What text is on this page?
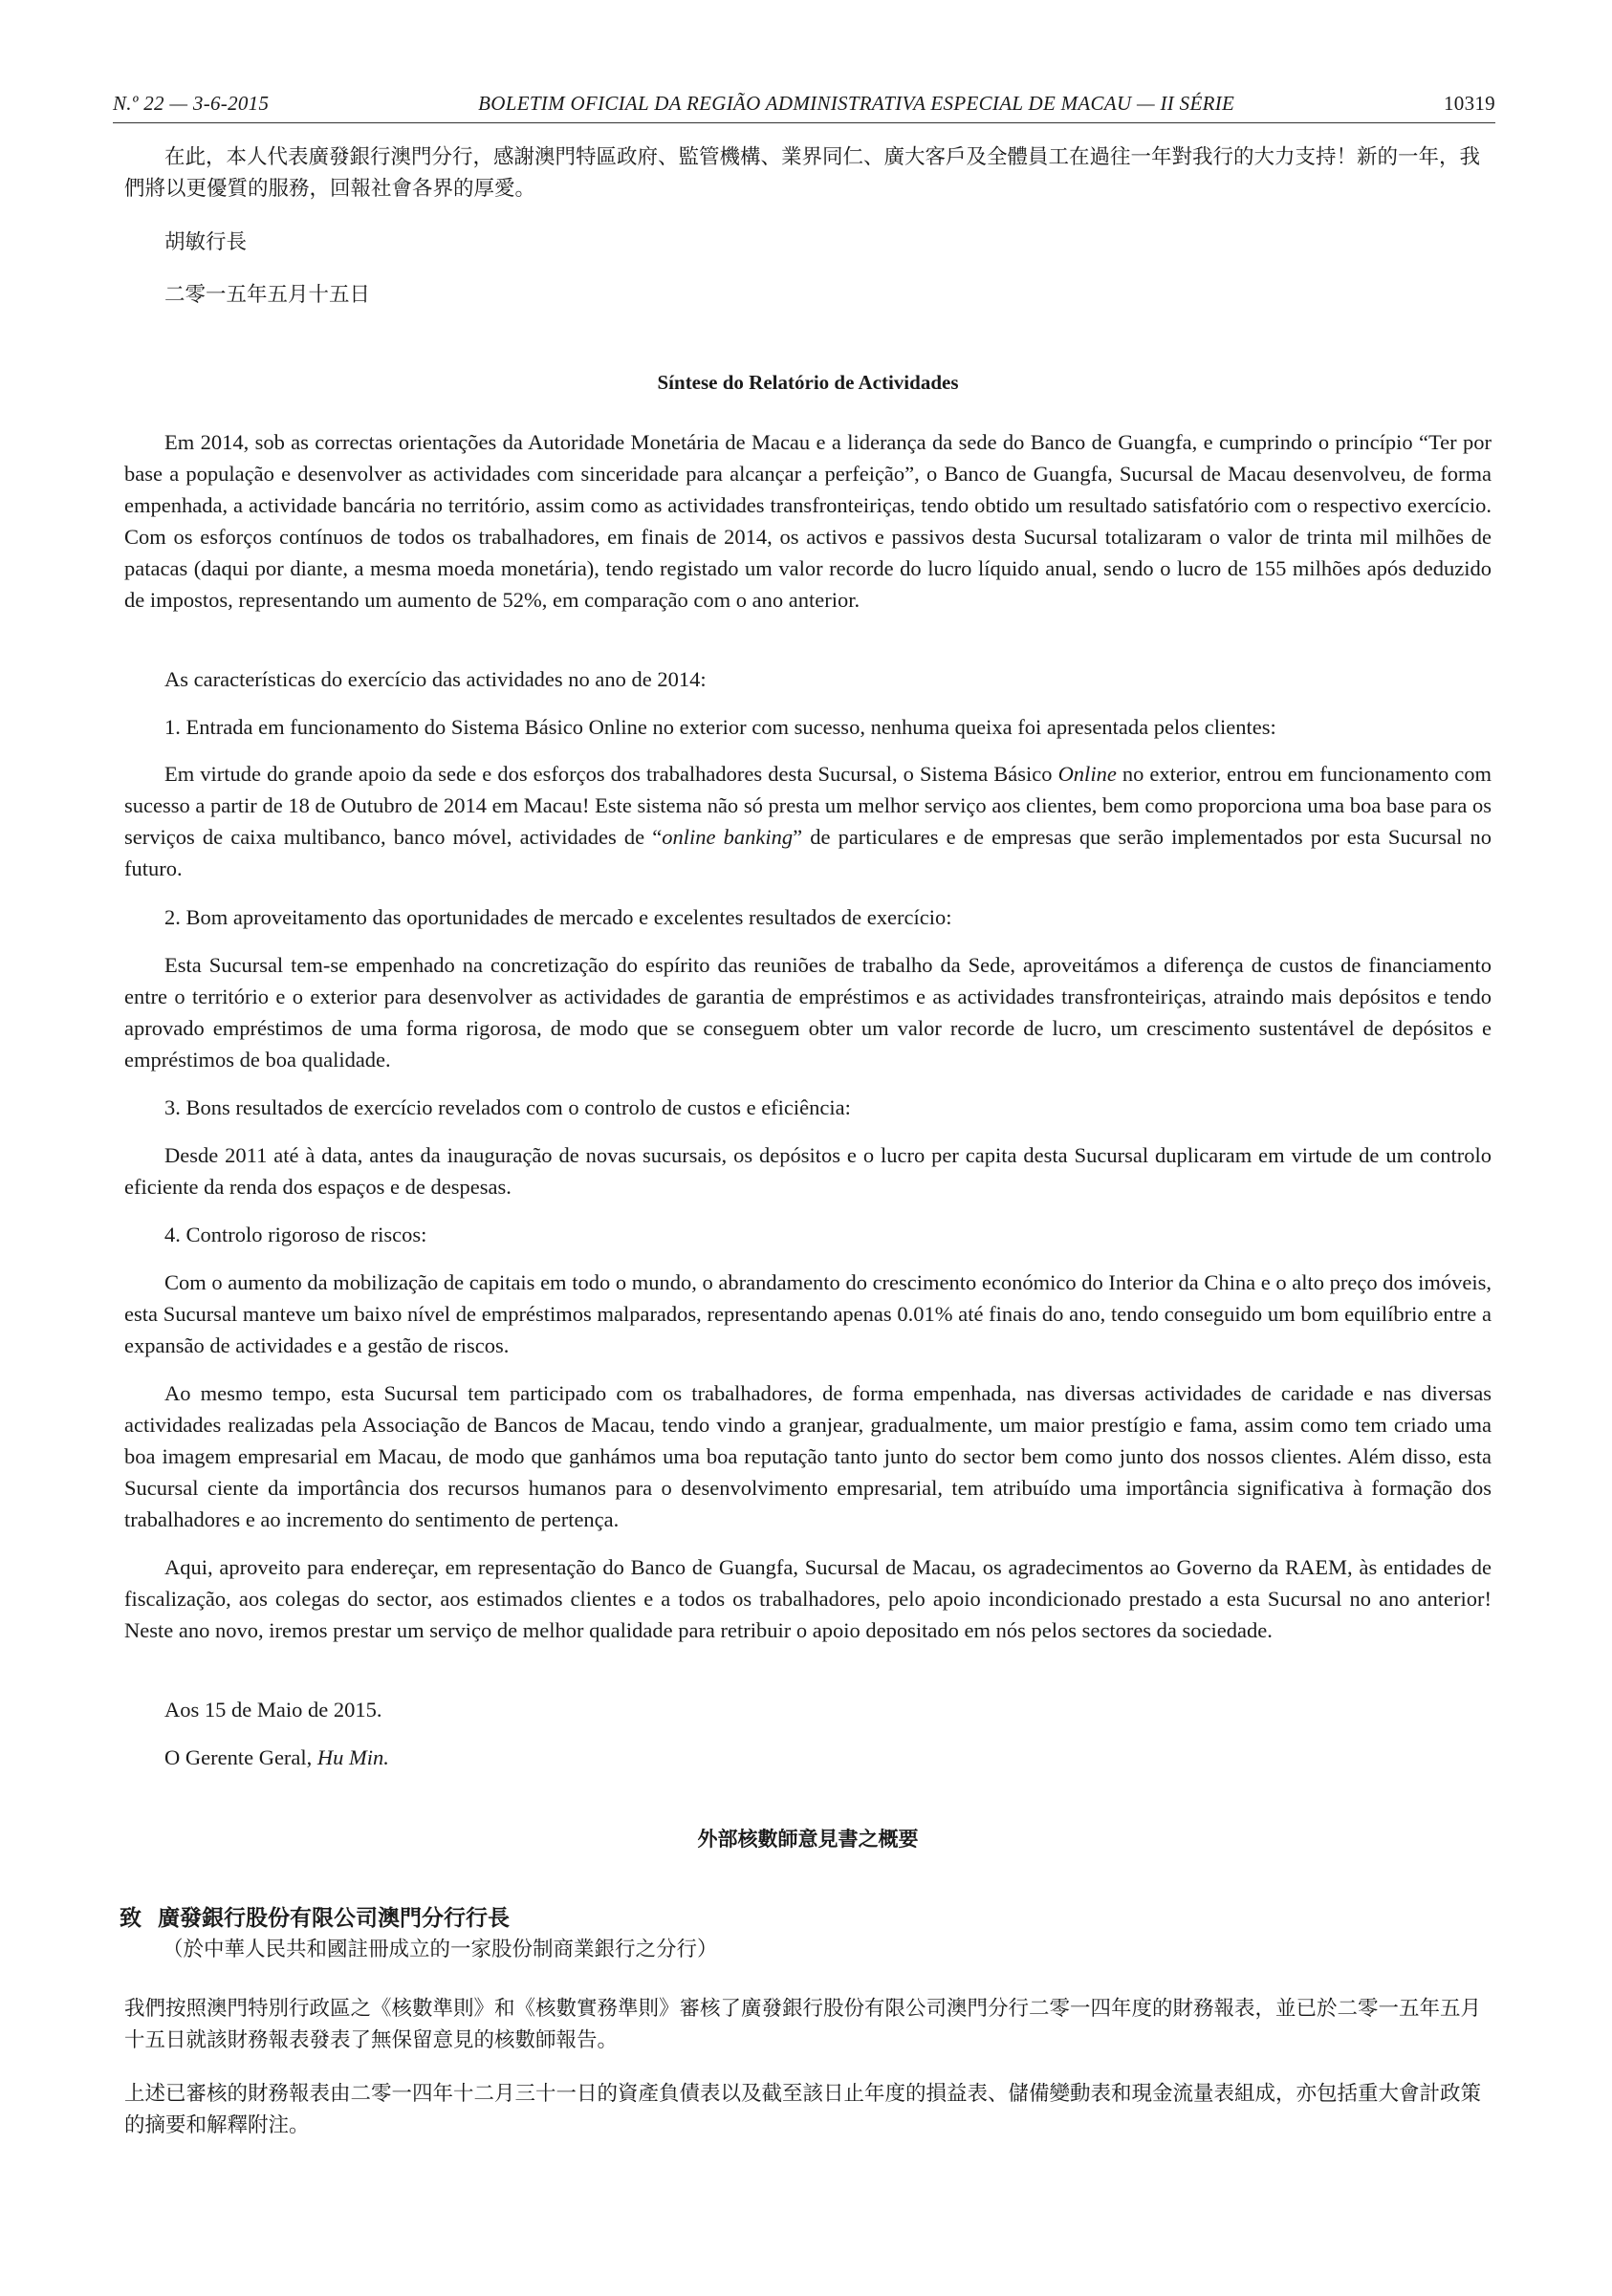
N.º 22 — 3-6-2015	BOLETIM OFICIAL DA REGIÃO ADMINISTRATIVA ESPECIAL DE MACAU — II SÉRIE	10319

在此，本人代表廣發銀行澳門分行，感謝澳門特區政府、監管機構、業界同仁、廣大客戶及全體員工在過往一年對我行的大力支持！新的一年，我們將以更優質的服務，回報社會各界的厚愛。

胡敏行長

二零一五年五月十五日

Síntese do Relatório de Actividades

Em 2014, sob as correctas orientações da Autoridade Monetária de Macau e a liderança da sede do Banco de Guangfa, e cumprindo o princípio “Ter por base a população e desenvolver as actividades com sinceridade para alcançar a perfeição”, o Banco de Guangfa, Sucursal de Macau desenvolveu, de forma empenhada, a actividade bancária no território, assim como as actividades transfronteiriças, tendo obtido um resultado satisfatório com o respectivo exercício. Com os esforços contínuos de todos os trabalhadores, em finais de 2014, os activos e passivos desta Sucursal totalizaram o valor de trinta mil milhões de patacas (daqui por diante, a mesma moeda monetária), tendo registado um valor recorde do lucro líquido anual, sendo o lucro de 155 milhões após deduzido de impostos, representando um aumento de 52%, em comparação com o ano anterior.

As características do exercício das actividades no ano de 2014:

1. Entrada em funcionamento do Sistema Básico Online no exterior com sucesso, nenhuma queixa foi apresentada pelos clientes:

Em virtude do grande apoio da sede e dos esforços dos trabalhadores desta Sucursal, o Sistema Básico Online no exterior, entrou em funcionamento com sucesso a partir de 18 de Outubro de 2014 em Macau! Este sistema não só presta um melhor serviço aos clientes, bem como proporciona uma boa base para os serviços de caixa multibanco, banco móvel, actividades de “online banking” de particulares e de empresas que serão implementados por esta Sucursal no futuro.

2. Bom aproveitamento das oportunidades de mercado e excelentes resultados de exercício:

Esta Sucursal tem-se empenhado na concretização do espírito das reuniões de trabalho da Sede, aproveitámos a diferença de custos de financiamento entre o território e o exterior para desenvolver as actividades de garantia de empréstimos e as actividades transfronteiriças, atraindo mais depósitos e tendo aprovado empréstimos de uma forma rigorosa, de modo que se conseguem obter um valor recorde de lucro, um crescimento sustentável de depósitos e empréstimos de boa qualidade.

3. Bons resultados de exercício revelados com o controlo de custos e eficiência:

Desde 2011 até à data, antes da inauguração de novas sucursais, os depósitos e o lucro per capita desta Sucursal duplicaram em virtude de um controlo eficiente da renda dos espaços e de despesas.

4. Controlo rigoroso de riscos:

Com o aumento da mobilização de capitais em todo o mundo, o abrandamento do crescimento económico do Interior da China e o alto preço dos imóveis, esta Sucursal manteve um baixo nível de empréstimos malparados, representando apenas 0.01% até finais do ano, tendo conseguido um bom equilíbrio entre a expansão de actividades e a gestão de riscos.

Ao mesmo tempo, esta Sucursal tem participado com os trabalhadores, de forma empenhada, nas diversas actividades de caridade e nas diversas actividades realizadas pela Associação de Bancos de Macau, tendo vindo a granjear, gradualmente, um maior prestígio e fama, assim como tem criado uma boa imagem empresarial em Macau, de modo que ganhámos uma boa reputação tanto junto do sector bem como junto dos nossos clientes. Além disso, esta Sucursal ciente da importância dos recursos humanos para o desenvolvimento empresarial, tem atribuído uma importância significativa à formação dos trabalhadores e ao incremento do sentimento de pertença.

Aqui, aproveito para endereçar, em representação do Banco de Guangfa, Sucursal de Macau, os agradecimentos ao Governo da RAEM, às entidades de fiscalização, aos colegas do sector, aos estimados clientes e a todos os trabalhadores, pelo apoio incondicionado prestado a esta Sucursal no ano anterior! Neste ano novo, iremos prestar um serviço de melhor qualidade para retribuir o apoio depositado em nós pelos sectores da sociedade.

Aos 15 de Maio de 2015.

O Gerente Geral, Hu Min.

外部核數師意見書之概要
致 廣發銀行股份有限公司澳門分行行長
（於中華人民共和國註冊成立的一家股份制商業銀行之分行）

我們按照澳門特別行政區之《核數準則》和《核數實務準則》審核了廣發銀行股份有限公司澳門分行二零一四年度的財務報表，並已於二零一五年五月十五日就該財務報表發表了無保留意見的核數師報告。

上述已審核的財務報表由二零一四年十二月三十一日的資產負債表以及截至該日止年度的損益表、儲備變動表和現金流量表組成，亦包括重大會計政策的摘要和解釋附注。
